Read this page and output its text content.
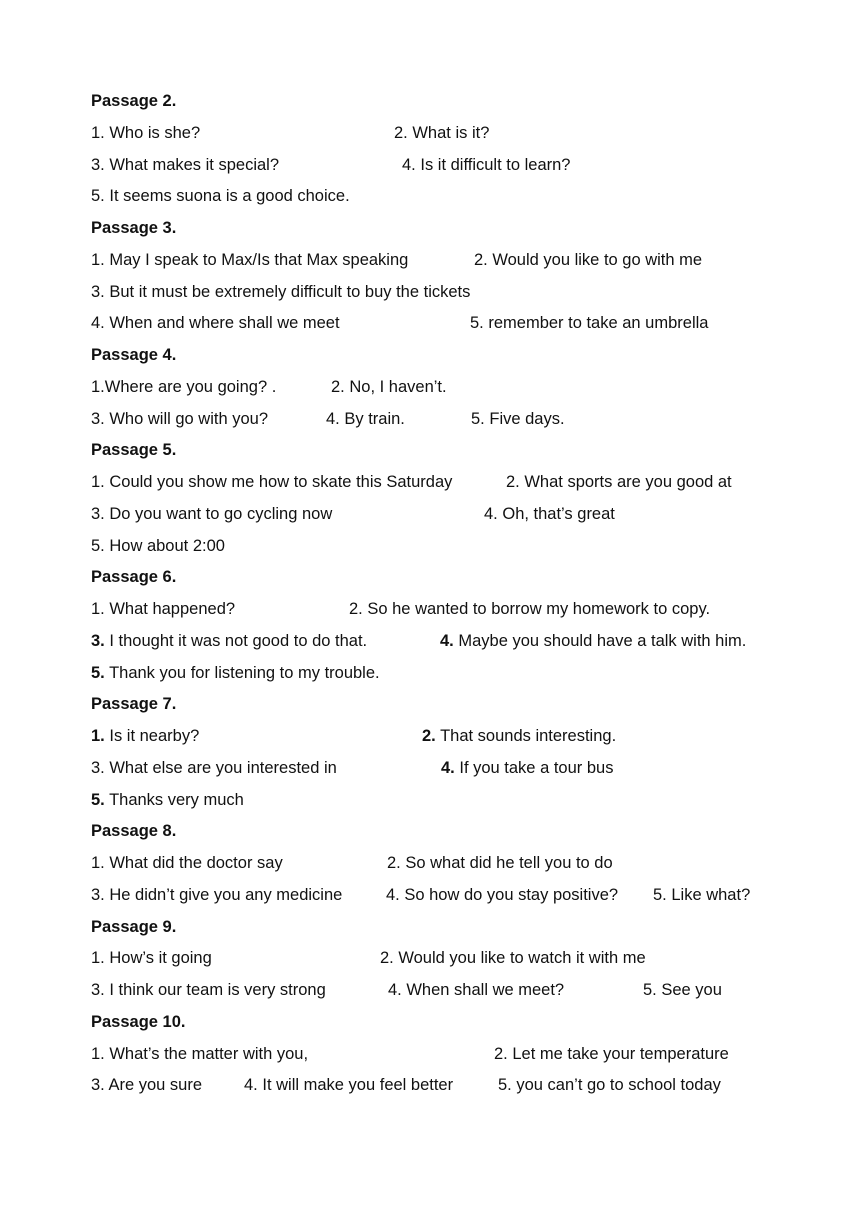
Passage 2.
1. Who is she?	2. What is it?
3. What makes it special?	4. Is it difficult to learn?
5. It seems suona is a good choice.
Passage 3.
1. May I speak to Max/Is that Max speaking	2. Would you like to go with me
3. But it must be extremely difficult to buy the tickets
4. When and where shall we meet	5. remember to take an umbrella
Passage 4.
1.Where are you going? .	2. No, I haven’t.
3. Who will go with you?	4. By train.	5. Five days.
Passage 5.
1. Could you show me how to skate this Saturday	2. What sports are you good at
3. Do you want to go cycling now	4. Oh, that’s great
5. How about 2:00
Passage 6.
1. What happened?	2. So he wanted to borrow my homework to copy.
3. I thought it was not good to do that.	4. Maybe you should have a talk with him.
5. Thank you for listening to my trouble.
Passage 7.
1. Is it nearby?	2. That sounds interesting.
3. What else are you interested in	4. If you take a tour bus
5. Thanks very much
Passage 8.
1. What did the doctor say	2. So what did he tell you to do
3. He didn’t give you any medicine	4. So how do you stay positive? 5. Like what?
Passage 9.
1. How’s it going	2. Would you like to watch it with me
3. I think our team is very strong	4. When shall we meet?	5. See you
Passage 10.
1. What’s the matter with you,	2. Let me take your temperature
3. Are you sure	4. It will make you feel better	5. you can’t go to school today
